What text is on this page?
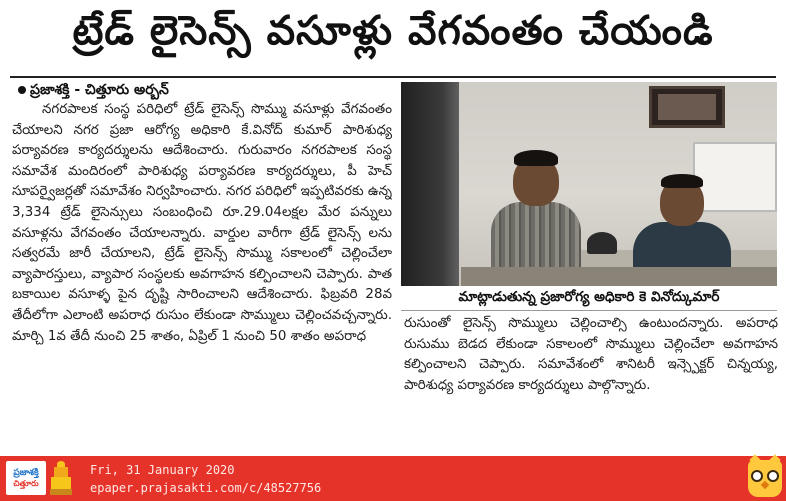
ట్రేడ్ లైసెన్స్ వసూళ్లు వేగవంతం చేయండి
ప్రజాశక్తి - చిత్తూరు అర్బన్

నగరపాలక సంస్థ పరిధిలో ట్రేడ్ లైసెన్స్ సొమ్ము వసూళ్లు వేగవంతం చేయాలని నగర ప్రజా ఆరోగ్య అధికారి కే.వినోద్ కుమార్ పారిశుధ్య పర్యావరణ కార్యదర్శులను ఆదేశించారు. గురువారం నగరపాలక సంస్థ సమావేశ మందిరంలో పారిశుధ్య పర్యావరణ కార్యదర్శులు, పీ హెచ్ సూపర్వైజర్లతో సమావేశం నిర్వహించారు. నగర పరిధిలో ఇప్పటివరకు ఉన్న 3,334 ట్రేడ్ లైసెన్సులు సంబంధించి రూ.29.04లక్షల మేర పన్నులు వసూళ్లను వేగవంతం చేయాలన్నారు. వార్డుల వారీగా ట్రేడ్ లైసెన్స్ లను సత్వరమే జారీ చేయాలని, ట్రేడ్ లైసెన్స్ సొమ్ము సకాలంలో చెల్లించేలా వ్యాపారస్తులు, వ్యాపార సంస్థలకు అవగాహన కల్పించాలని చెప్పారు. పాత బకాయిల వసూళ్ళ పైన దృష్టి సారించాలని ఆదేశించారు. ఫిబ్రవరి 28వ తేదీలోగా ఎలాంటి అపరాధ రుసుం లేకుండా సొమ్ములు చెల్లించవచ్చన్నారు. మార్చి 1వ తేదీ నుంచి 25 శాతం, ఏప్రిల్ 1 నుంచి 50 శాతం అపరాధ

మాట్లాడుతున్న ప్రజారోగ్య అధికారి కె వినోద్కుమార్

రుసుంతో లైసెన్స్ సొమ్ములు చెల్లించాల్సి ఉంటుందన్నారు. అపరాధ రుసుము బెడద లేకుండా సకాలంలో సొమ్ములు చెల్లించేలా అవగాహన కల్పించాలని చెప్పారు. సమావేశంలో శానిటరీ ఇన్స్పెక్టర్ చిన్నయ్య, పారిశుధ్య పర్యావరణ కార్యదర్శులు పాల్గొన్నారు.

ప్రజాశక్తి
చిత్తూరు
Fri, 31 January 2020
epaper.prajasakti.com/c/48527756
